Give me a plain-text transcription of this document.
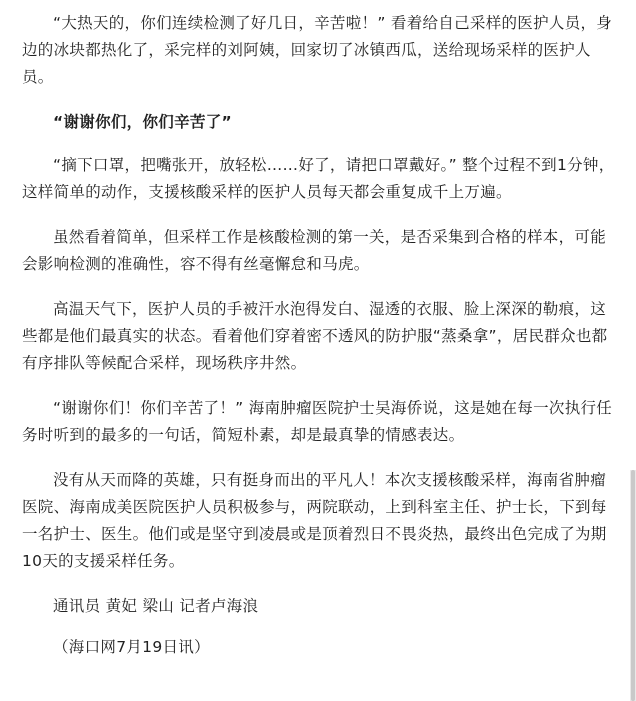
“大热天的，你们连续检测了好几日，辛苦啦！” 看着给自己采样的医护人员，身边的冰块都热化了，采完样的刘阿姨，回家切了冰镇西瓜，送给现场采样的医护人员。

“谢谢你们，你们辛苦了”

“摘下口罩，把嘴张开，放轻松……好了，请把口罩戴好。” 整个过程不到1分钟，这样简单的动作，支援核酸采样的医护人员每天都会重复成千上万遍。

虽然看着简单，但采样工作是核酸检测的第一关，是否采集到合格的样本，可能会影响检测的准确性，容不得有丝毫懈怠和马虎。

高温天气下，医护人员的手被汗水泡得发白、湿透的衣服、脸上深深的勒痕，这些都是他们最真实的状态。看着他们穿着密不透风的防护服“蒸桑拿”，居民群众也都有序排队等候配合采样，现场秩序井然。

“谢谢你们！你们辛苦了！” 海南肿瘤医院护士吴海侨说，这是她在每一次执行任务时听到的最多的一句话，简短朴素，却是最真挚的情感表达。

没有从天而降的英雄，只有挺身而出的平凡人！本次支援核酸采样，海南省肿瘤医院、海南成美医院医护人员积极参与，两院联动，上到科室主任、护士长，下到每一名护士、医生。他们或是坚守到凌晨或是顶着烈日不畏炎热，最终出色完成了为期10天的支援采样任务。

通讯员 黄妃 梁山 记者卢海浪

（海口网7月19日讯）
